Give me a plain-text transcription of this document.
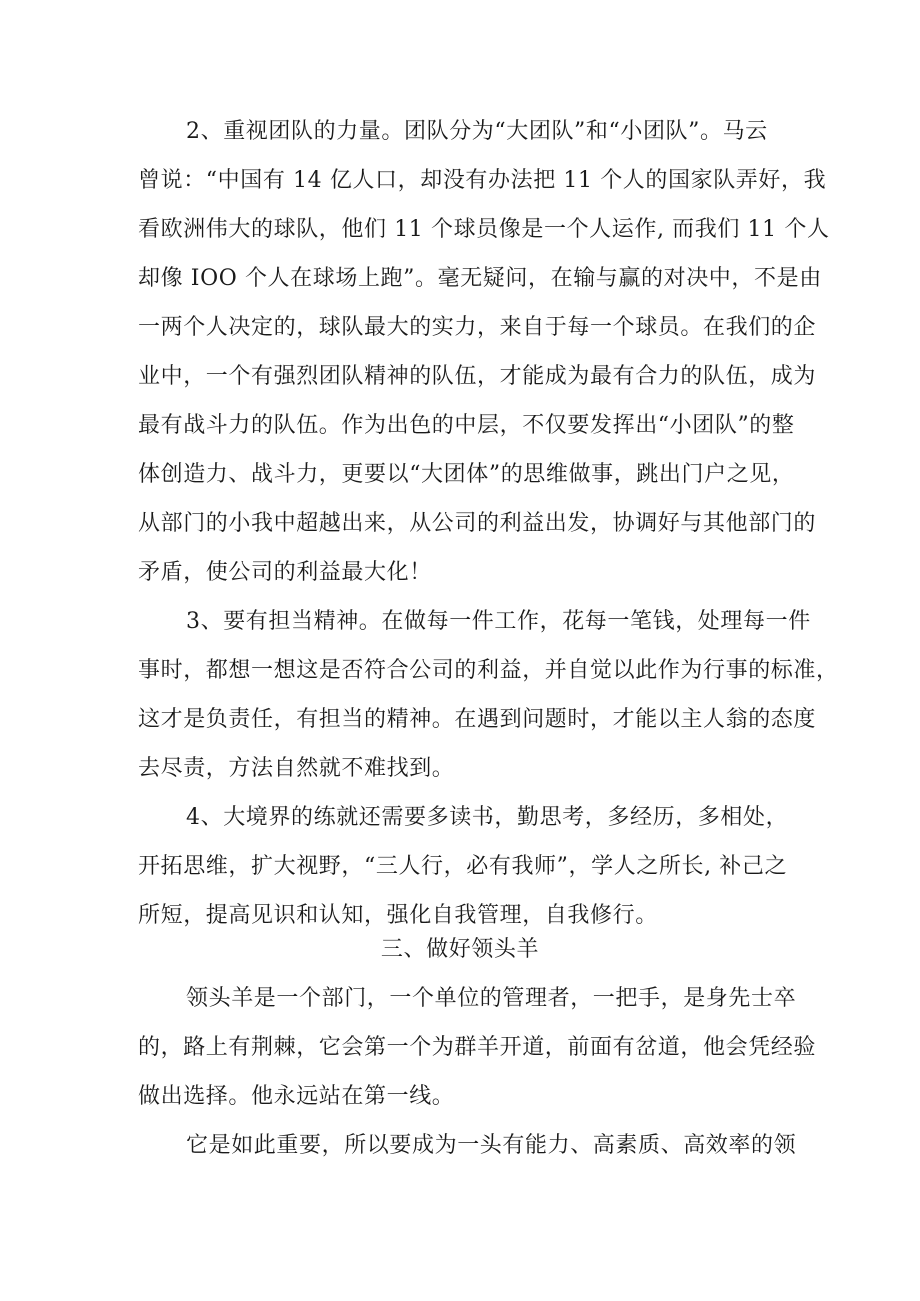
2、重视团队的力量。团队分为“大团队”和“小团队”。马云
曾说：“中国有 14 亿人口，却没有办法把 11 个人的国家队弄好，我
看欧洲伟大的球队，他们 11 个球员像是一个人运作, 而我们 11 个人
却像 IOO 个人在球场上跑”。毫无疑问，在输与赢的对决中，不是由
一两个人决定的，球队最大的实力，来自于每一个球员。在我们的企
业中，一个有强烈团队精神的队伍，才能成为最有合力的队伍，成为
最有战斗力的队伍。作为出色的中层，不仅要发挥出“小团队”的整
体创造力、战斗力，更要以“大团体”的思维做事，跳出门户之见，
从部门的小我中超越出来，从公司的利益出发，协调好与其他部门的
矛盾，使公司的利益最大化！
3、要有担当精神。在做每一件工作，花每一笔钱，处理每一件
事时，都想一想这是否符合公司的利益，并自觉以此作为行事的标准，
这才是负责任，有担当的精神。在遇到问题时，才能以主人翁的态度
去尽责，方法自然就不难找到。
4、大境界的练就还需要多读书，勤思考，多经历，多相处，
开拓思维，扩大视野，“三人行，必有我师”，学人之所长, 补己之
所短，提高见识和认知，强化自我管理，自我修行。
三、做好领头羊
领头羊是一个部门，一个单位的管理者，一把手，是身先士卒
的，路上有荆棘，它会第一个为群羊开道，前面有岔道，他会凭经验
做出选择。他永远站在第一线。
它是如此重要，所以要成为一头有能力、高素质、高效率的领
